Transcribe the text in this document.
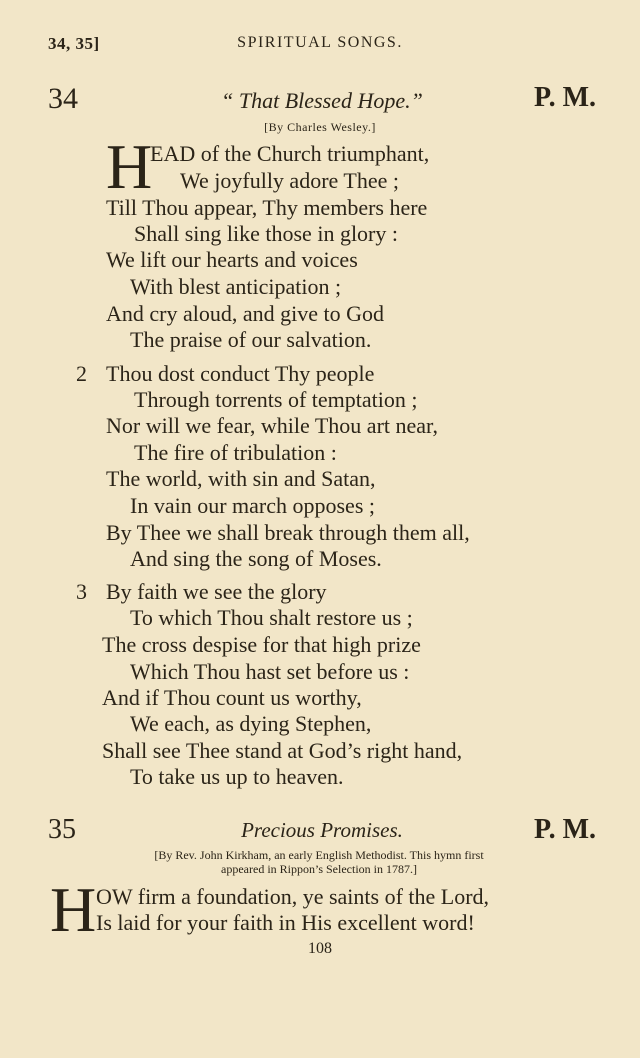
34, 35]	SPIRITUAL SONGS.
34	“ That Blessed Hope.”	P. M.
[By Charles Wesley.]
H
EAD of the Church triumphant,
We joyfully adore Thee ;
Till Thou appear, Thy members here
Shall sing like those in glory :
We lift our hearts and voices
With blest anticipation ;
And cry aloud, and give to God
The praise of our salvation.
2 Thou dost conduct Thy people
Through torrents of temptation ;
Nor will we fear, while Thou art near,
The fire of tribulation :
The world, with sin and Satan,
In vain our march opposes ;
By Thee we shall break through them all,
And sing the song of Moses.
3 By faith we see the glory
To which Thou shalt restore us ;
The cross despise for that high prize
Which Thou hast set before us :
And if Thou count us worthy,
We each, as dying Stephen,
Shall see Thee stand at God’s right hand,
To take us up to heaven.
35	Precious Promises.	P. M.
[By Rev. John Kirkham, an early English Methodist. This hymn first
appeared in Rippon’s Selection in 1787.]
H OW firm a foundation, ye saints of the Lord,
Is laid for your faith in His excellent word!
108
